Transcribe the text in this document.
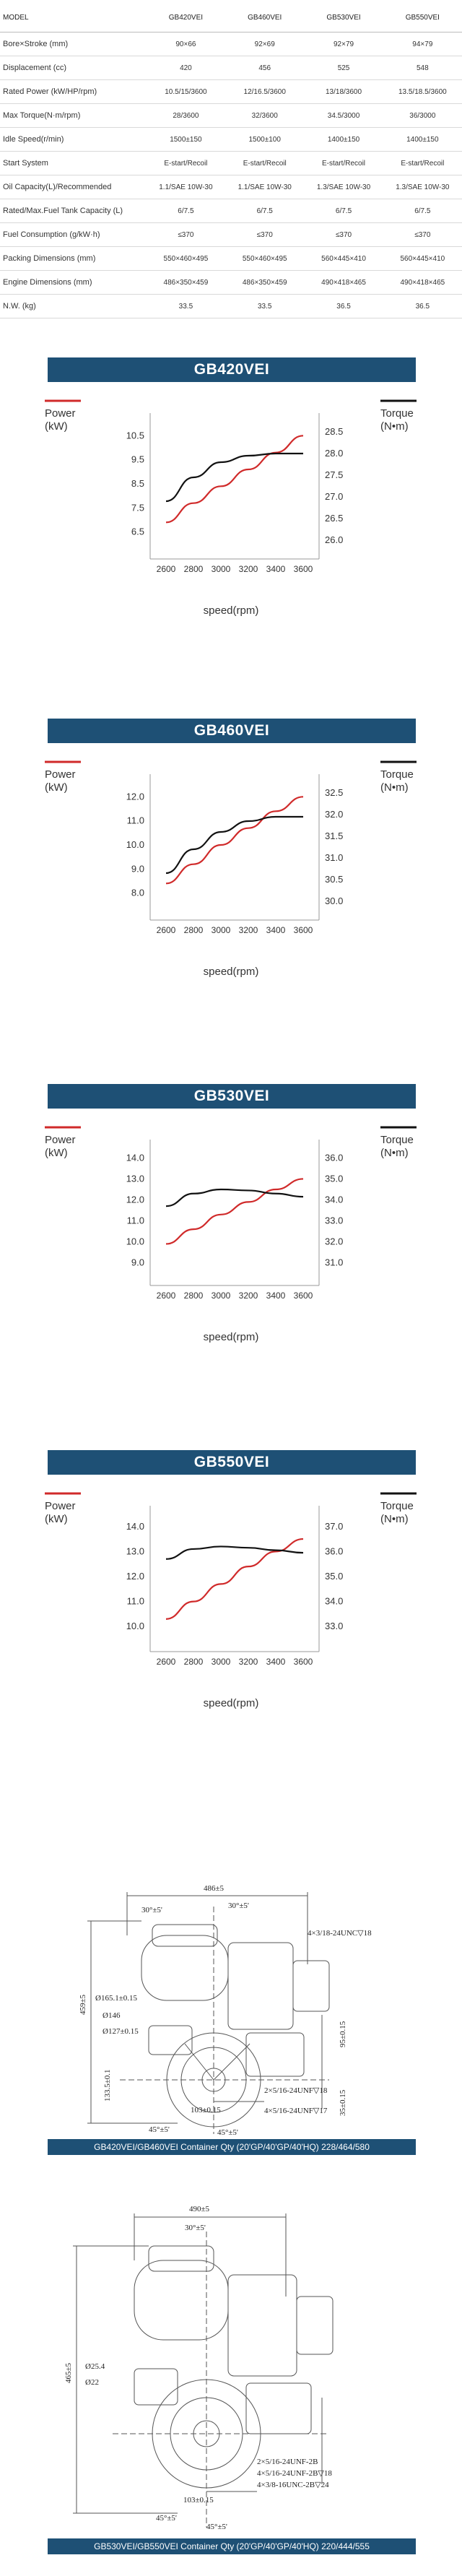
MODEL	GB420VEI	GB460VEI	GB530VEI	GB550VEI
Bore×Stroke (mm)	90×66	92×69	92×79	94×79
Displacement (cc)	420	456	525	548
Rated Power (kW/HP/rpm)	10.5/15/3600	12/16.5/3600	13/18/3600	13.5/18.5/3600
Max Torque(N·m/rpm)	28/3600	32/3600	34.5/3000	36/3000
Idle Speed(r/min)	1500±150	1500±100	1400±150	1400±150
Start System	E-start/Recoil	E-start/Recoil	E-start/Recoil	E-start/Recoil
Oil Capacity(L)/Recommended	1.1/SAE 10W-30	1.1/SAE 10W-30	1.3/SAE 10W-30	1.3/SAE 10W-30
Rated/Max.Fuel Tank Capacity (L)	6/7.5	6/7.5	6/7.5	6/7.5
Fuel Consumption (g/kW·h)	≤370	≤370	≤370	≤370
Packing Dimensions (mm)	550×460×495	550×460×495	560×445×410	560×445×410
Engine Dimensions (mm)	486×350×459	486×350×459	490×418×465	490×418×465
N.W. (kg)	33.5	33.5	36.5	36.5
GB420VEI
10.5
9.5
8.5
7.5
6.5
28.5
28.0
27.5
27.0
26.5
26.0
2600 2800 3000 3200 3400 3600
Power
(kW)
Torque
(N•m)
speed(rpm)
GB460VEI
12.0
11.0
10.0
9.0
8.0
32.5
32.0
31.5
31.0
30.5
30.0
2600 2800 3000 3200 3400 3600
Power
(kW)
Torque
(N•m)
speed(rpm)
GB530VEI
14.0
13.0
12.0
11.0
10.0
9.0
36.0
35.0
34.0
33.0
32.0
31.0
2600 2800 3000 3200 3400 3600
Power
(kW)
Torque
(N•m)
speed(rpm)
GB550VEI
14.0
13.0
12.0
11.0
10.0
37.0
36.0
35.0
34.0
33.0
2600 2800 3000 3200 3400 3600
Power
(kW)
Torque
(N•m)
speed(rpm)
486±5
30°±5'	30°±5'
4×3/18-24UNC▽18
459±5 Ø165.1±0.15
Ø146
Ø127±0.15	95±0.15
133.5±0.1	2×5/16-24UNF▽18
4×5/16-24UNF▽17 35±0.15
103±0.15
45°±5'	45°±5'
GB420VEI/GB460VEI Container Qty (20'GP/40'GP/40'HQ) 228/464/580
490±5
30°±5'
465±5 Ø25.4
Ø22
2×5/16-24UNF-2B
4×5/16-24UNF-2B▽18
4×3/8-16UNC-2B▽24
103±0.15
45°±5'
45°±5'
GB530VEI/GB550VEI Container Qty (20'GP/40'GP/40'HQ) 220/444/555
